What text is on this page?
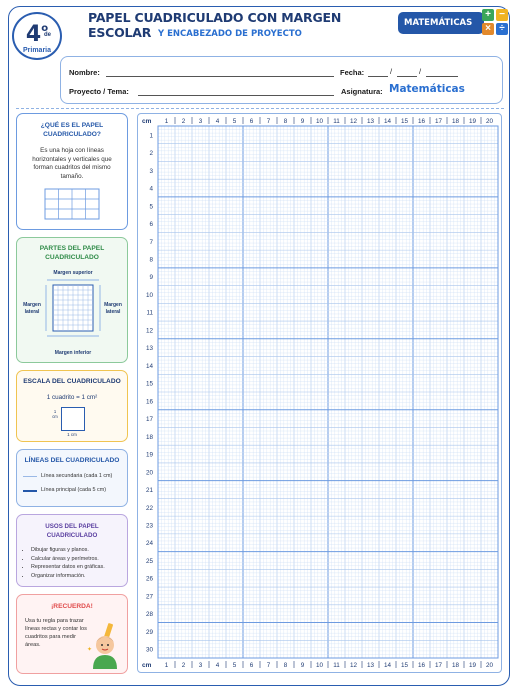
4$^o$
de
Primaria
PAPEL CUADRICULADO CON MARGEN ESCOLAR Y ENCABEZADO DE PROYECTO
MATEMÁTICAS
+ −
× ÷
Nombre:	Fecha:	/	/
Proyecto / Tema:	Asignatura: Matemáticas
¿QUÉ ES EL PAPEL CUADRICULADO?

Es una hoja con líneas horizontales y verticales que forman cuadritos del mismo tamaño.

PARTES DEL PAPEL CUADRICULADO
Margen superior
Margen lateral
Margen lateral
Margen inferior
ESCALA DEL CUADRICULADO

1 cuadrito = 1 cm²

1 cm
1 cm
LÍNEAS DEL CUADRICULADO
Línea secundaria (cada 1 cm)
Línea principal (cada 5 cm)
USOS DEL PAPEL CUADRICULADO
• Dibujar figuras y planos.
• Calcular áreas y perímetros.
• Representar datos en gráficas.
• Organizar información.
¡RECUERDA!

Usa tu regla para trazar líneas rectas y contar los cuadritos para medir áreas.

✦
cm 1 2 3 4 5 6 7 8 9 10 11 12 13 14 15 16 17 18 19 20
cm 1 2 3 4 5 6 7 8 9 10 11 12 13 14 15 16 17 18 19 20
1
2
3
4
5
6
7
8
9
10
11
12
13
14
15
16
17
18
19
20
21
22
23
24
25
26
27
28
29
30
